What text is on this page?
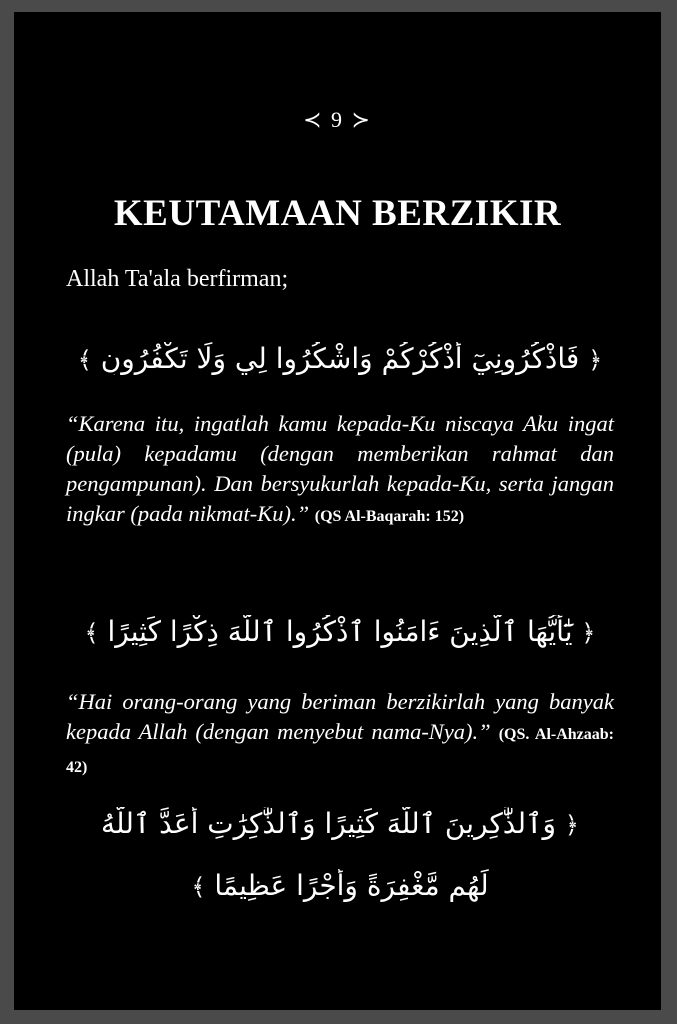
≺ 9 ≻
KEUTAMAAN BERZIKIR
Allah Ta'ala berfirman;
﴿ فَاذْكُرُونِيٓ أَذْكُرْكُمْ وَاشْكُرُوا لِي وَلَا تَكْفُرُونِ ﴾
“Karena itu, ingatlah kamu kepada-Ku niscaya Aku ingat (pula) kepadamu (dengan memberikan rahmat dan pengampunan). Dan bersyukurlah kepada-Ku, serta jangan ingkar (pada nikmat-Ku).” (QS Al-Baqarah: 152)
﴿ يَٰٓأَيُّهَا ٱلَّذِينَ ءَامَنُوا ٱذْكُرُوا ٱللَّهَ ذِكْرًا كَثِيرًا ﴾
“Hai orang-orang yang beriman berzikirlah yang banyak kepada Allah (dengan menyebut nama-Nya).” (QS. Al-Ahzaab: 42)
﴿ وَٱلذَّٰكِرِينَ ٱللَّهَ كَثِيرًا وَٱلذَّٰكِرَٰتِ أَعَدَّ ٱللَّهُ
لَهُم مَّغْفِرَةً وَأَجْرًا عَظِيمًا ﴾
